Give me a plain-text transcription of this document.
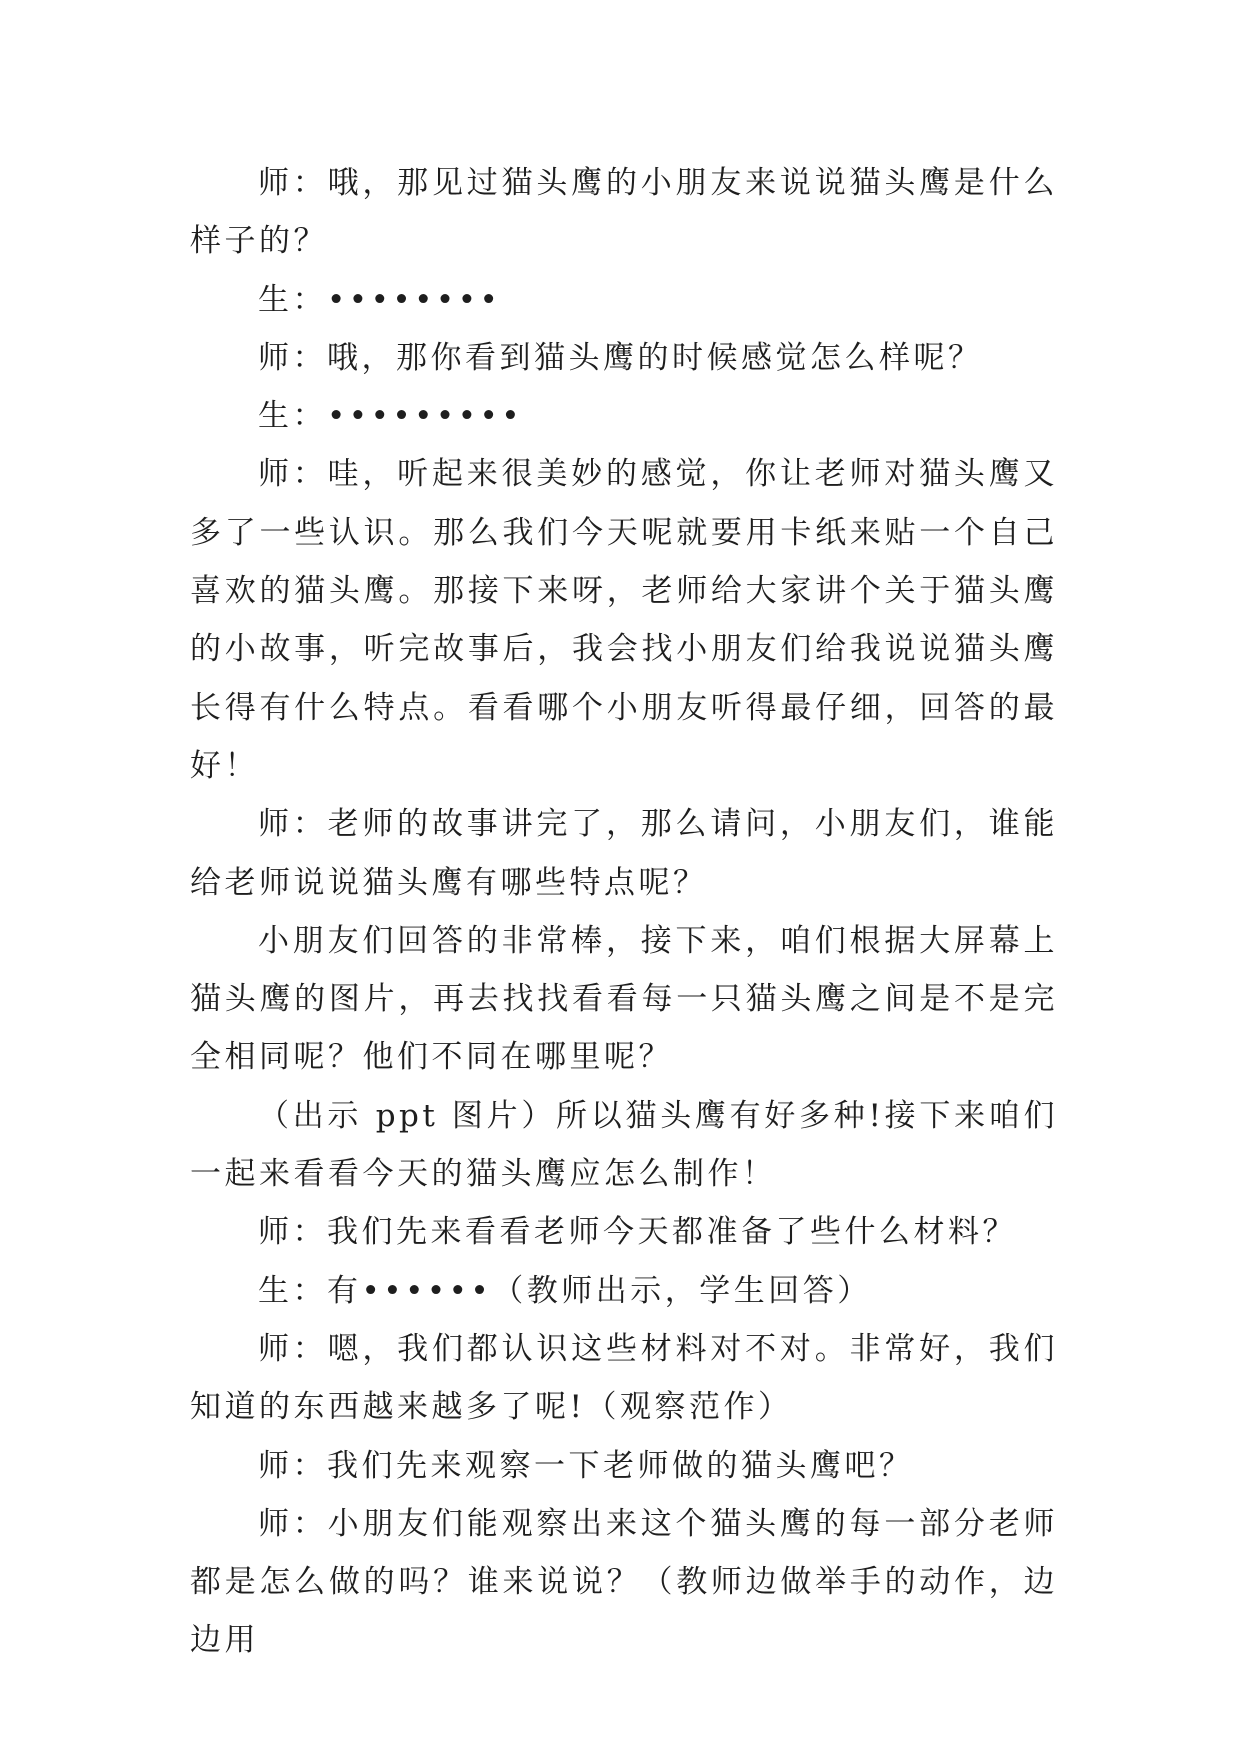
师：哦，那见过猫头鹰的小朋友来说说猫头鹰是什么样子的？

生：••••••••

师：哦，那你看到猫头鹰的时候感觉怎么样呢？

生：•••••••••

师：哇，听起来很美妙的感觉，你让老师对猫头鹰又多了一些认识。那么我们今天呢就要用卡纸来贴一个自己喜欢的猫头鹰。那接下来呀，老师给大家讲个关于猫头鹰的小故事，听完故事后，我会找小朋友们给我说说猫头鹰长得有什么特点。看看哪个小朋友听得最仔细，回答的最好！

师：老师的故事讲完了，那么请问，小朋友们，谁能给老师说说猫头鹰有哪些特点呢？

小朋友们回答的非常棒，接下来，咱们根据大屏幕上猫头鹰的图片，再去找找看看每一只猫头鹰之间是不是完全相同呢？他们不同在哪里呢？

（出示 ppt 图片）所以猫头鹰有好多种!接下来咱们一起来看看今天的猫头鹰应怎么制作！

师：我们先来看看老师今天都准备了些什么材料？

生：有••••••（教师出示，学生回答）

师：嗯，我们都认识这些材料对不对。非常好，我们知道的东西越来越多了呢!（观察范作）

师：我们先来观察一下老师做的猫头鹰吧？

师：小朋友们能观察出来这个猫头鹰的每一部分老师都是怎么做的吗？谁来说说？（教师边做举手的动作，边边用
